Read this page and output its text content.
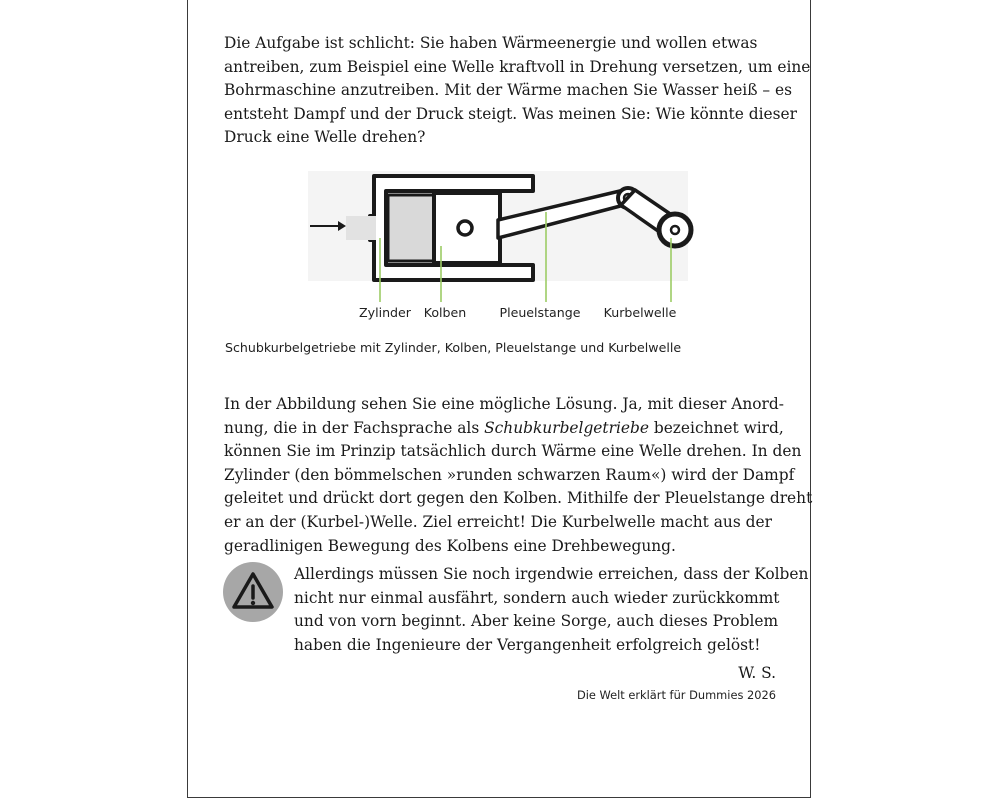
Die Aufgabe ist schlicht: Sie haben Wärmeenergie und wollen etwas
antreiben, zum Beispiel eine Welle kraftvoll in Drehung versetzen, um eine
Bohrmaschine anzutreiben. Mit der Wärme machen Sie Wasser heiß – es
entsteht Dampf und der Druck steigt. Was meinen Sie: Wie könnte dieser
Druck eine Welle drehen?

Zylinder Kolben	Pleuelstange Kurbelwelle

Schubkurbelgetriebe mit Zylinder, Kolben, Pleuelstange und Kurbelwelle

In der Abbildung sehen Sie eine mögliche Lösung. Ja, mit dieser Anord-
nung, die in der Fachsprache als Schubkurbelgetriebe bezeichnet wird,
können Sie im Prinzip tatsächlich durch Wärme eine Welle drehen. In den
Zylinder (den bömmelschen »runden schwarzen Raum«) wird der Dampf
geleitet und drückt dort gegen den Kolben. Mithilfe der Pleuelstange dreht
er an der (Kurbel-)Welle. Ziel erreicht! Die Kurbelwelle macht aus der
geradlinigen Bewegung des Kolbens eine Drehbewegung.

Allerdings müssen Sie noch irgendwie erreichen, dass der Kolben
nicht nur einmal ausfährt, sondern auch wieder zurückkommt
und von vorn beginnt. Aber keine Sorge, auch dieses Problem
haben die Ingenieure der Vergangenheit erfolgreich gelöst!

W. S.
Die Welt erklärt für Dummies 2026
